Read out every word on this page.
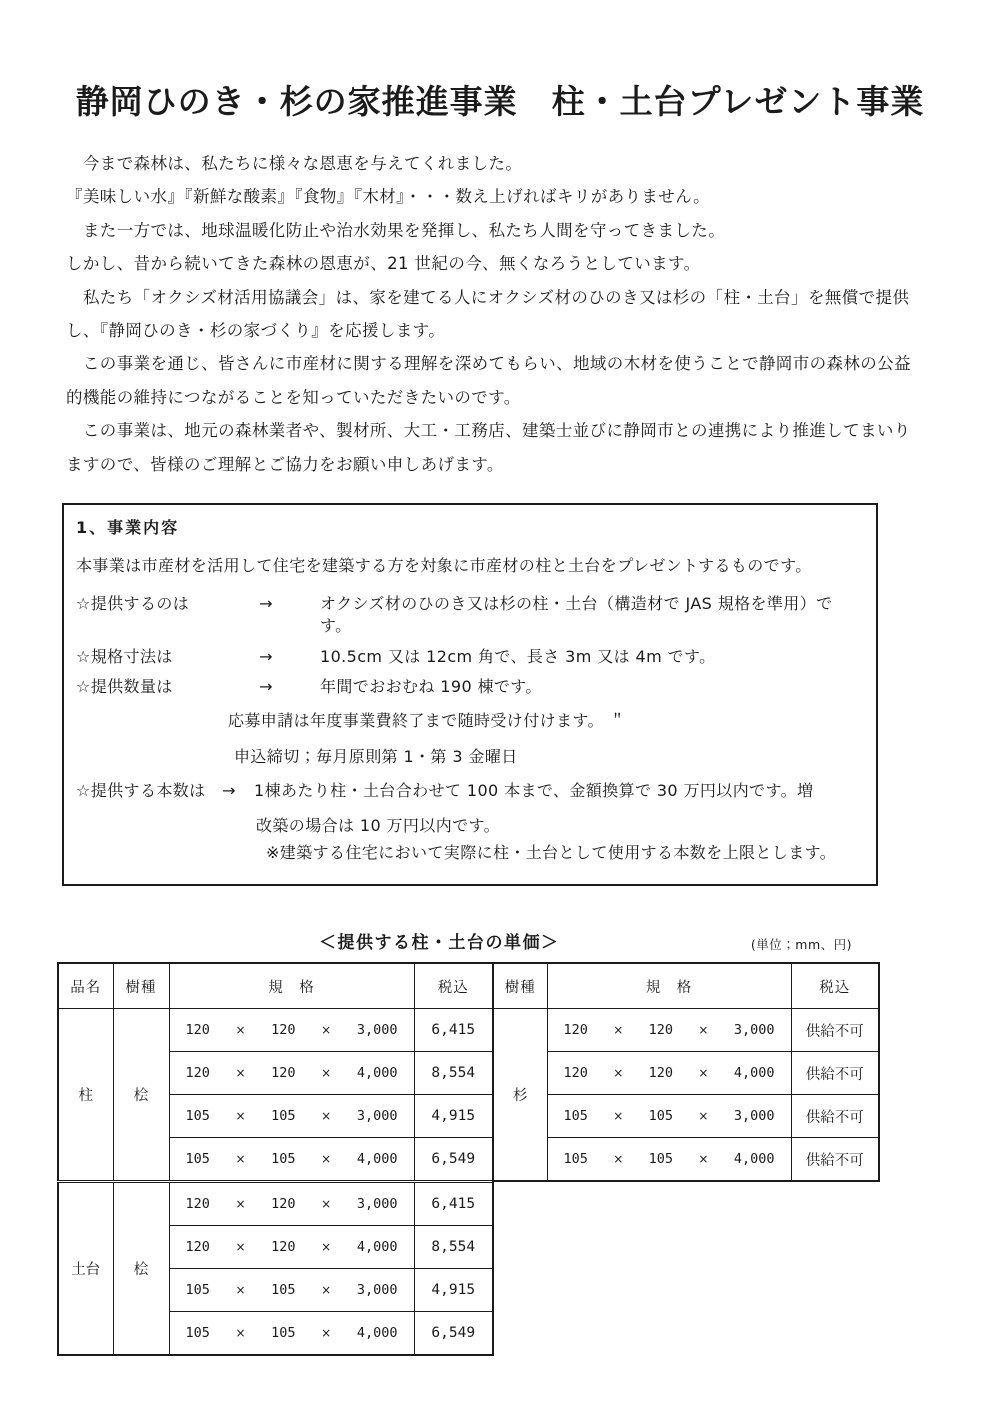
静岡ひのき・杉の家推進事業　柱・土台プレゼント事業
　今まで森林は、私たちに様々な恩恵を与えてくれました。
『美味しい水』『新鮮な酸素』『食物』『木材』・・・数え上げればキリがありません。
　また一方では、地球温暖化防止や治水効果を発揮し、私たち人間を守ってきました。
しかし、昔から続いてきた森林の恩恵が、21 世紀の今、無くなろうとしています。
　私たち「オクシズ材活用協議会」は、家を建てる人にオクシズ材のひのき又は杉の「柱・土台」を無償で提供
し、『静岡ひのき・杉の家づくり』を応援します。
　この事業を通じ、皆さんに市産材に関する理解を深めてもらい、地域の木材を使うことで静岡市の森林の公益
的機能の維持につながることを知っていただきたいのです。
　この事業は、地元の森林業者や、製材所、大工・工務店、建築士並びに静岡市との連携により推進してまいり
ますので、皆様のご理解とご協力をお願い申しあげます。
1、事業内容
本事業は市産材を活用して住宅を建築する方を対象に市産材の柱と土台をプレゼントするものです。
☆提供するのは	→	オクシズ材のひのき又は杉の柱・土台（構造材で JAS 規格を準用）です。
☆規格寸法は	→	10.5cm 又は 12cm 角で、長さ 3m 又は 4m です。
☆提供数量は	→	年間でおおむね 190 棟です。
応募申請は年度事業費終了まで随時受け付けます。 ＂
申込締切；毎月原則第 1・第 3 金曜日
☆提供する本数は	→	1棟あたり柱・土台合わせて 100 本まで、金額換算で 30 万円以内です。増
改築の場合は 10 万円以内です。
※建築する住宅において実際に柱・土台として使用する本数を上限とします。
＜提供する柱・土台の単価＞	(単位；mm、円)
品名	樹種	規　格	税込
柱	桧	120 × 120 × 3,000	6,415

		120 × 120 × 4,000	8,554

		105 × 105 × 3,000	4,915

		105 × 105 × 4,000	6,549
土台	桧	120 × 120 × 3,000	6,415

		120 × 120 × 4,000	8,554

		105 × 105 × 3,000	4,915

		105 × 105 × 4,000	6,549
樹種	規　格	税込
杉	120 × 120 × 3,000	供給不可

	120 × 120 × 4,000	供給不可

	105 × 105 × 3,000	供給不可

	105 × 105 × 4,000	供給不可
